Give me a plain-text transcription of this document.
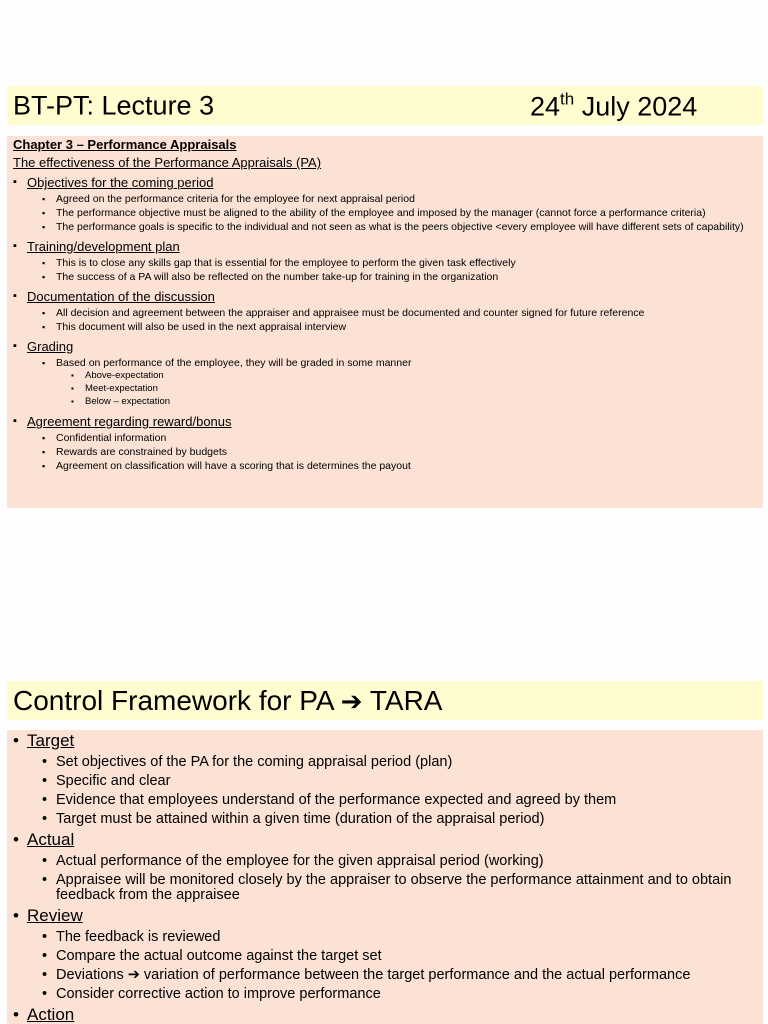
BT-PT: Lecture 3	24th July 2024
Chapter 3 – Performance Appraisals
The effectiveness of the Performance Appraisals (PA)
▪ Objectives for the coming period
▪ Agreed on the performance criteria for the employee for next appraisal period
▪ The performance objective must be aligned to the ability of the employee and imposed by the manager (cannot force a performance criteria)
▪ The performance goals is specific to the individual and not seen as what is the peers objective <every employee will have different sets of capability)
▪ Training/development plan
▪ This is to close any skills gap that is essential for the employee to perform the given task effectively
▪ The success of a PA will also be reflected on the number take-up for training in the organization
▪ Documentation of the discussion
▪ All decision and agreement between the appraiser and appraisee must be documented and counter signed for future reference
▪ This document will also be used in the next appraisal interview
▪ Grading
▪ Based on performance of the employee, they will be graded in some manner
▪ Above-expectation
▪ Meet-expectation
▪ Below – expectation
▪ Agreement regarding reward/bonus
▪ Confidential information
▪ Rewards are constrained by budgets
▪ Agreement on classification will have a scoring that is determines the payout
Control Framework for PA ➔ TARA
• Target
• Set objectives of the PA for the coming appraisal period (plan)
• Specific and clear
• Evidence that employees understand of the performance expected and agreed by them
• Target must be attained within a given time (duration of the appraisal period)
• Actual
• Actual performance of the employee for the given appraisal period (working)
• Appraisee will be monitored closely by the appraiser to observe the performance attainment and to obtain feedback from the appraisee
• Review
• The feedback is reviewed
• Compare the actual outcome against the target set
• Deviations ➔ variation of performance between the target performance and the actual performance
• Consider corrective action to improve performance
• Action
